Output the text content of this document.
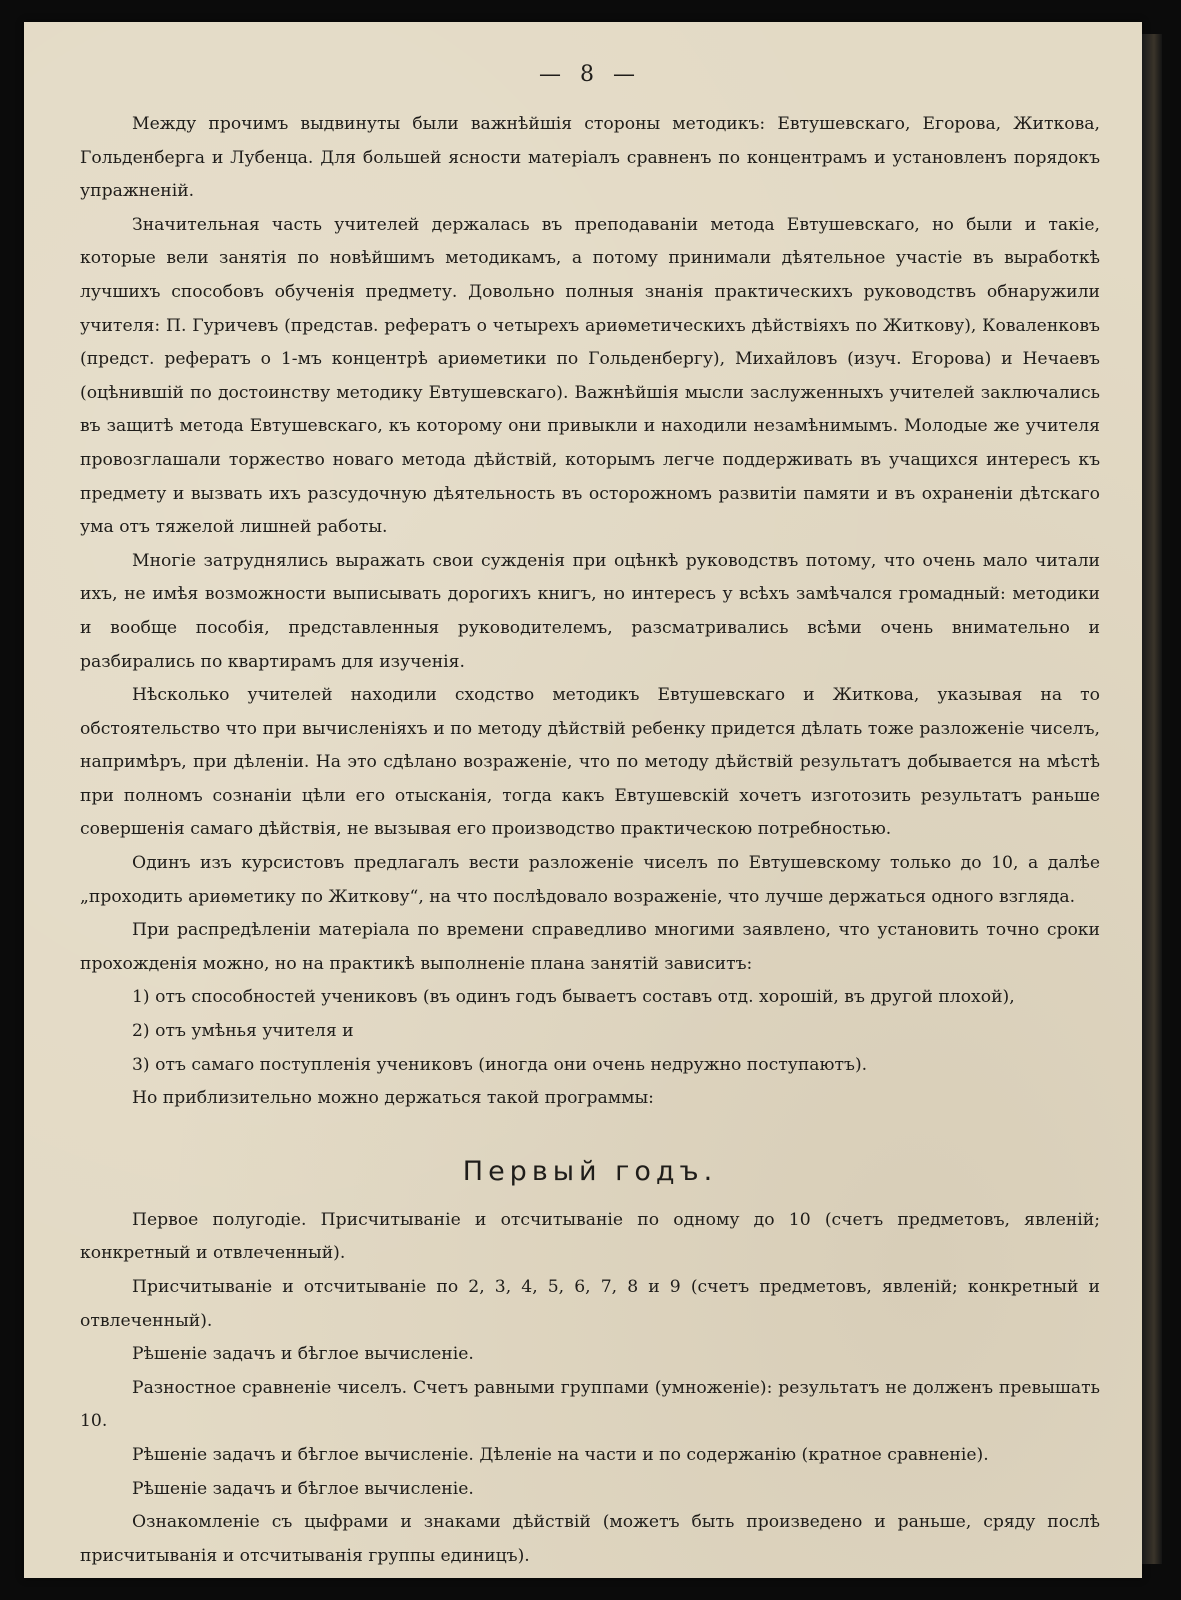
— 8 —

Между прочимъ выдвинуты были важнѣйшія стороны методикъ: Евтушевскаго, Егорова, Житкова, Гольденберга и Лубенца. Для большей ясности матеріалъ сравненъ по концентрамъ и установленъ порядокъ упражненій.

Значительная часть учителей держалась въ преподаваніи метода Евтушевскаго, но были и такіе, которые вели занятія по новѣйшимъ методикамъ, а потому принимали дѣятельное участіе въ выработкѣ лучшихъ способовъ обученія предмету. Довольно полныя знанія практическихъ руководствъ обнаружили учителя: П. Гуричевъ (представ. рефератъ о четырехъ ариѳметическихъ дѣйствіяхъ по Житкову), Коваленковъ (предст. рефератъ о 1-мъ концентрѣ ариѳметики по Гольденбергу), Михайловъ (изуч. Егорова) и Нечаевъ (оцѣнившій по достоинству методику Евтушевскаго). Важнѣйшія мысли заслуженныхъ учителей заключались въ защитѣ метода Евтушевскаго, къ которому они привыкли и находили незамѣнимымъ. Молодые же учителя провозглашали торжество новаго метода дѣйствій, которымъ легче поддерживать въ учащихся интересъ къ предмету и вызвать ихъ разсудочную дѣятельность въ осторожномъ развитіи памяти и въ охраненіи дѣтскаго ума отъ тяжелой лишней работы.

Многіе затруднялись выражать свои сужденія при оцѣнкѣ руководствъ потому, что очень мало читали ихъ, не имѣя возможности выписывать дорогихъ книгъ, но интересъ у всѣхъ замѣчался громадный: методики и вообще пособія, представленныя руководителемъ, разсматривались всѣми очень внимательно и разбирались по квартирамъ для изученія.

Нѣсколько учителей находили сходство методикъ Евтушевскаго и Житкова, указывая на то обстоятельство что при вычисленіяхъ и по методу дѣйствій ребенку придется дѣлать тоже разложеніе чиселъ, напримѣръ, при дѣленіи. На это сдѣлано возраженіе, что по методу дѣйствій результатъ добывается на мѣстѣ при полномъ сознаніи цѣли его отысканія, тогда какъ Евтушевскій хочетъ изготозить результатъ раньше совершенія самаго дѣйствія, не вызывая его производство практическою потребностью.

Одинъ изъ курсистовъ предлагалъ вести разложеніе чиселъ по Евтушевскому только до 10, а далѣе „проходить ариѳметику по Житкову“, на что послѣдовало возраженіе, что лучше держаться одного взгляда.

При распредѣленіи матеріала по времени справедливо многими заявлено, что установить точно сроки прохожденія можно, но на практикѣ выполненіе плана занятій зависитъ:

1) отъ способностей учениковъ (въ одинъ годъ бываетъ составъ отд. хорошій, въ другой плохой),

2) отъ умѣнья учителя и

3) отъ самаго поступленія учениковъ (иногда они очень недружно поступаютъ).

Но приблизительно можно держаться такой программы:

Первый годъ.

Первое полугодіе. Присчитываніе и отсчитываніе по одному до 10 (счетъ предметовъ, явленій; конкретный и отвлеченный).

Присчитываніе и отсчитываніе по 2, 3, 4, 5, 6, 7, 8 и 9 (счетъ предметовъ, явленій; конкретный и отвлеченный).

Рѣшеніе задачъ и бѣглое вычисленіе.

Разностное сравненіе чиселъ. Счетъ равными группами (умноженіе): результатъ не долженъ превышать 10.

Рѣшеніе задачъ и бѣглое вычисленіе. Дѣленіе на части и по содержанію (кратное сравненіе).

Рѣшеніе задачъ и бѣглое вычисленіе.

Ознакомленіе съ цыфрами и знаками дѣйствій (можетъ быть произведено и раньше, сряду послѣ присчитыванія и отсчитыванія группы единицъ).
